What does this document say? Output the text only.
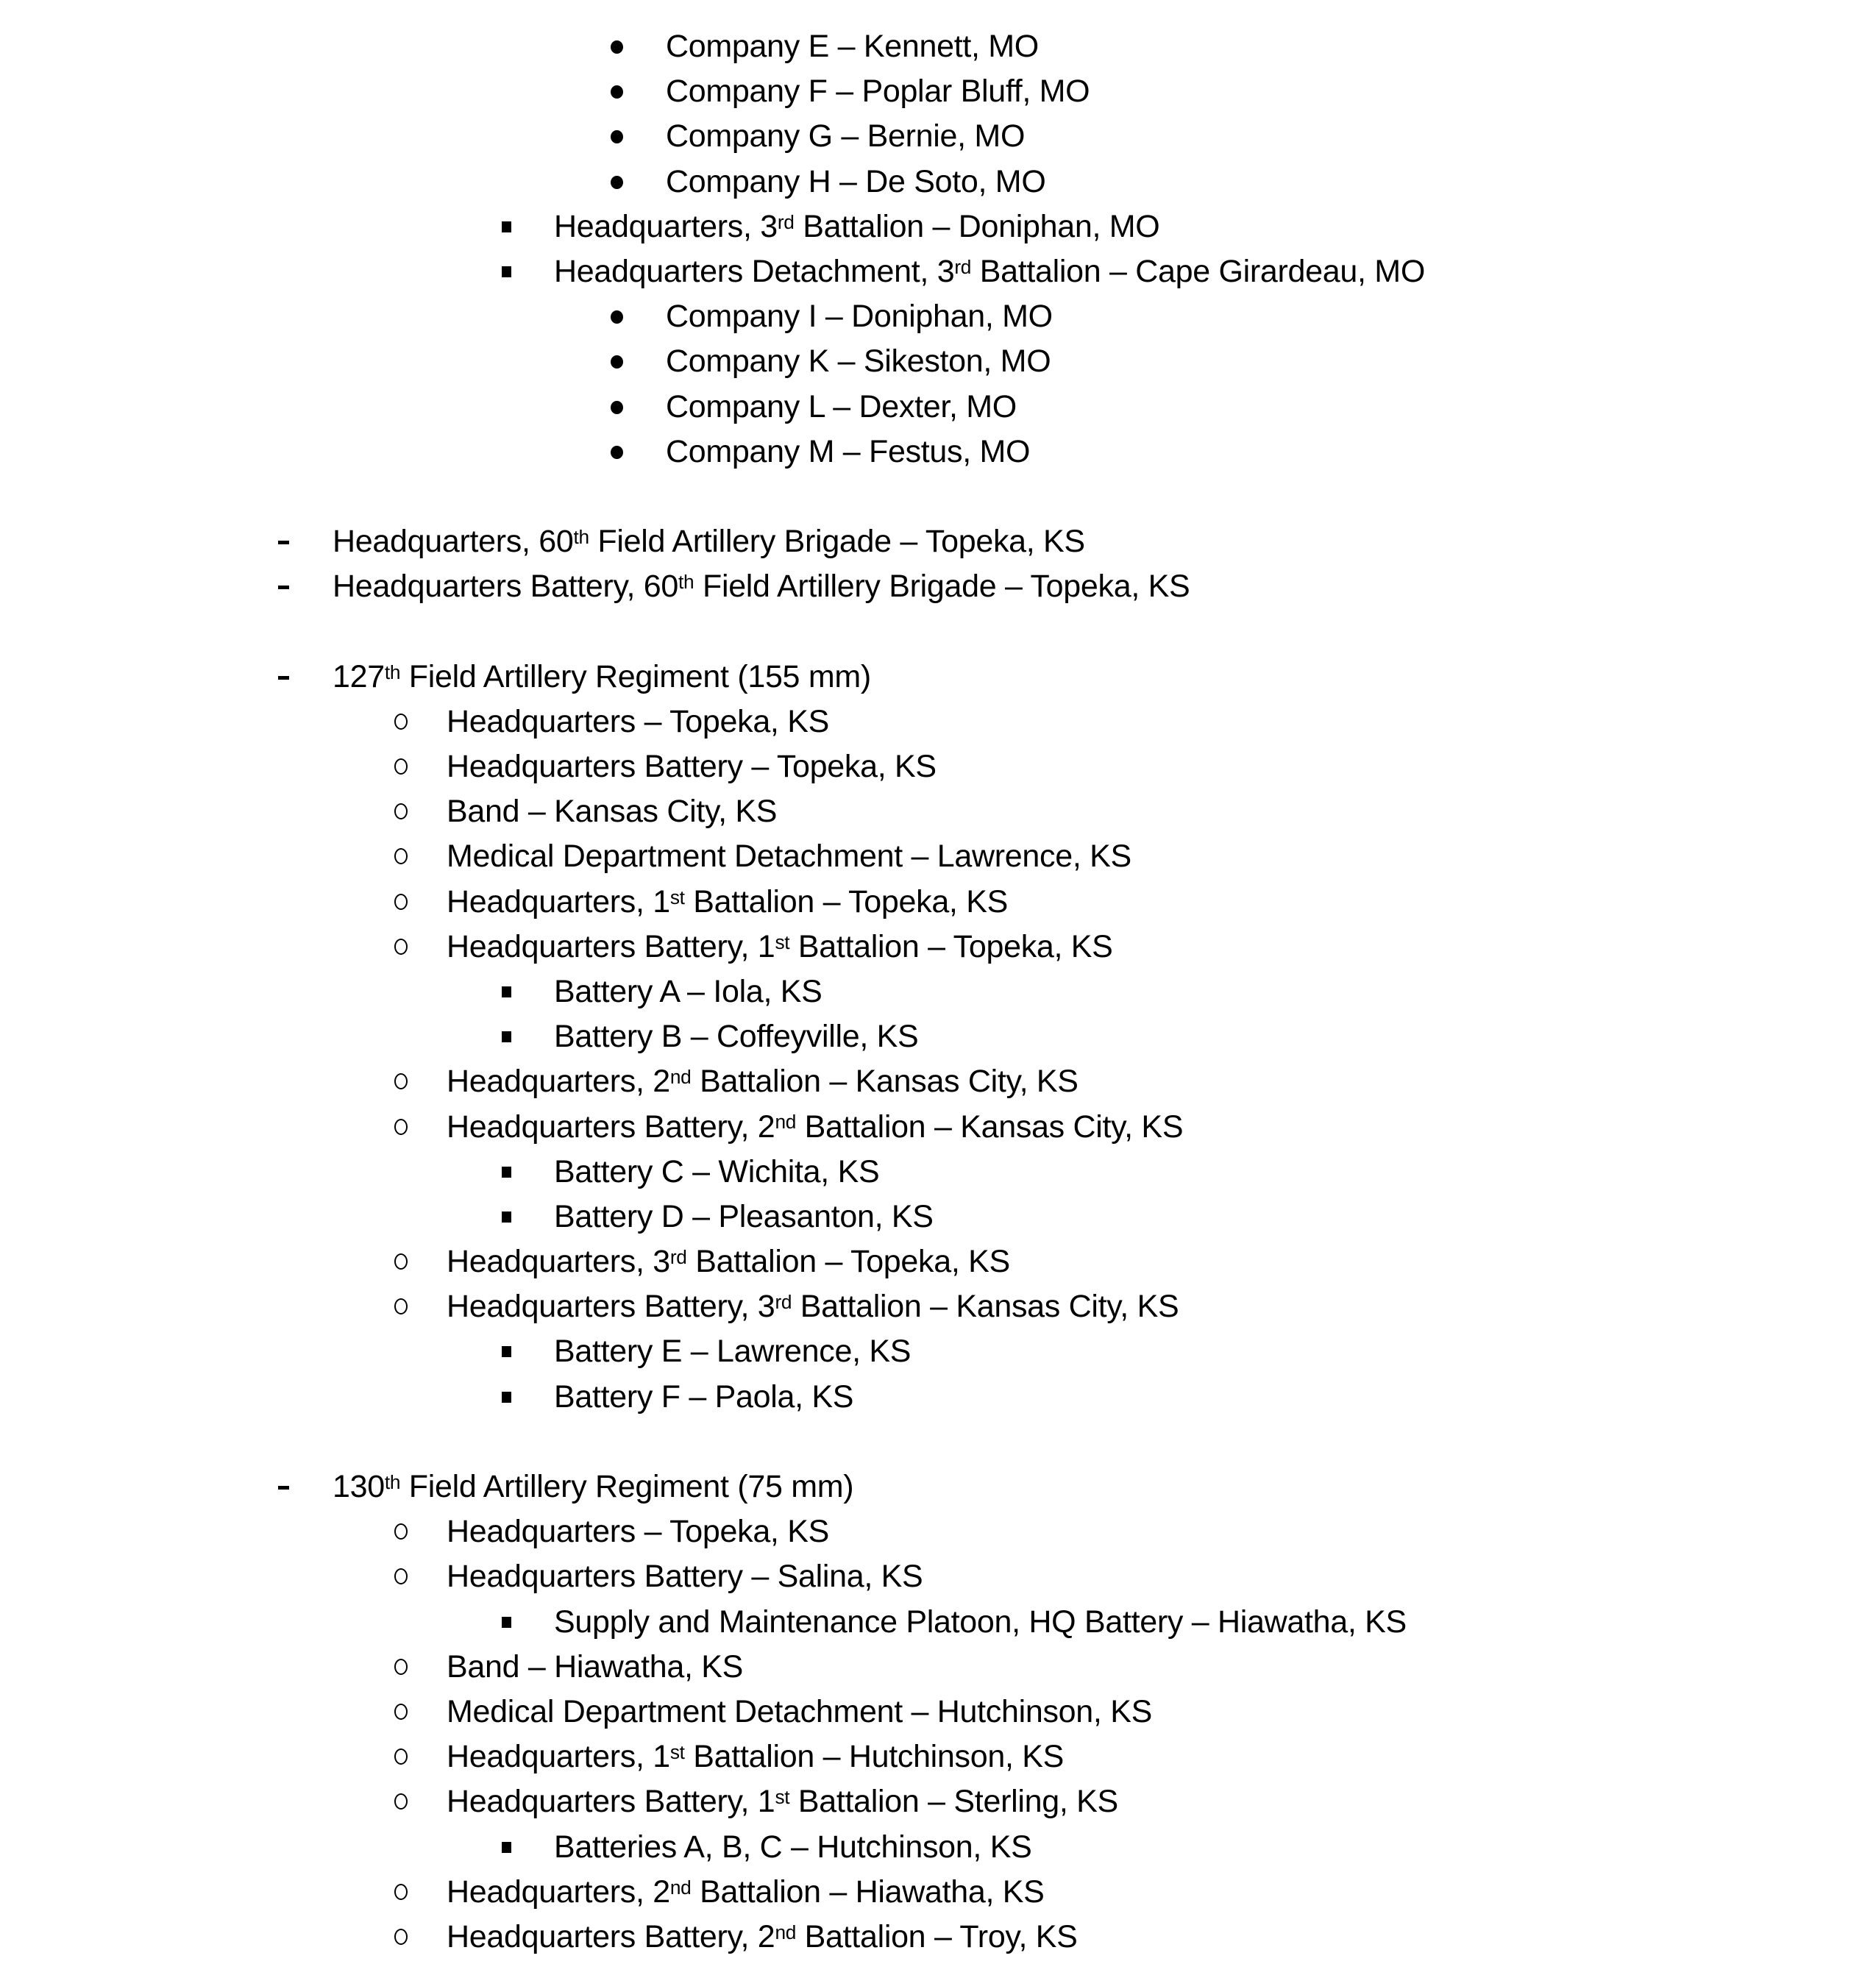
Company E – Kennett, MO
Company F – Poplar Bluff, MO
Company G – Bernie, MO
Company H – De Soto, MO
Headquarters, 3rd Battalion – Doniphan, MO
Headquarters Detachment, 3rd Battalion – Cape Girardeau, MO
Company I – Doniphan, MO
Company K – Sikeston, MO
Company L – Dexter, MO
Company M – Festus, MO
Headquarters, 60th Field Artillery Brigade – Topeka, KS
Headquarters Battery, 60th Field Artillery Brigade – Topeka, KS
127th Field Artillery Regiment (155 mm)
Headquarters – Topeka, KS
Headquarters Battery – Topeka, KS
Band – Kansas City, KS
Medical Department Detachment – Lawrence, KS
Headquarters, 1st Battalion – Topeka, KS
Headquarters Battery, 1st Battalion – Topeka, KS
Battery A – Iola, KS
Battery B – Coffeyville, KS
Headquarters, 2nd Battalion – Kansas City, KS
Headquarters Battery, 2nd Battalion – Kansas City, KS
Battery C – Wichita, KS
Battery D – Pleasanton, KS
Headquarters, 3rd Battalion – Topeka, KS
Headquarters Battery, 3rd Battalion – Kansas City, KS
Battery E – Lawrence, KS
Battery F – Paola, KS
130th Field Artillery Regiment (75 mm)
Headquarters – Topeka, KS
Headquarters Battery – Salina, KS
Supply and Maintenance Platoon, HQ Battery – Hiawatha, KS
Band – Hiawatha, KS
Medical Department Detachment – Hutchinson, KS
Headquarters, 1st Battalion – Hutchinson, KS
Headquarters Battery, 1st Battalion – Sterling, KS
Batteries A, B, C – Hutchinson, KS
Headquarters, 2nd Battalion – Hiawatha, KS
Headquarters Battery, 2nd Battalion – Troy, KS
